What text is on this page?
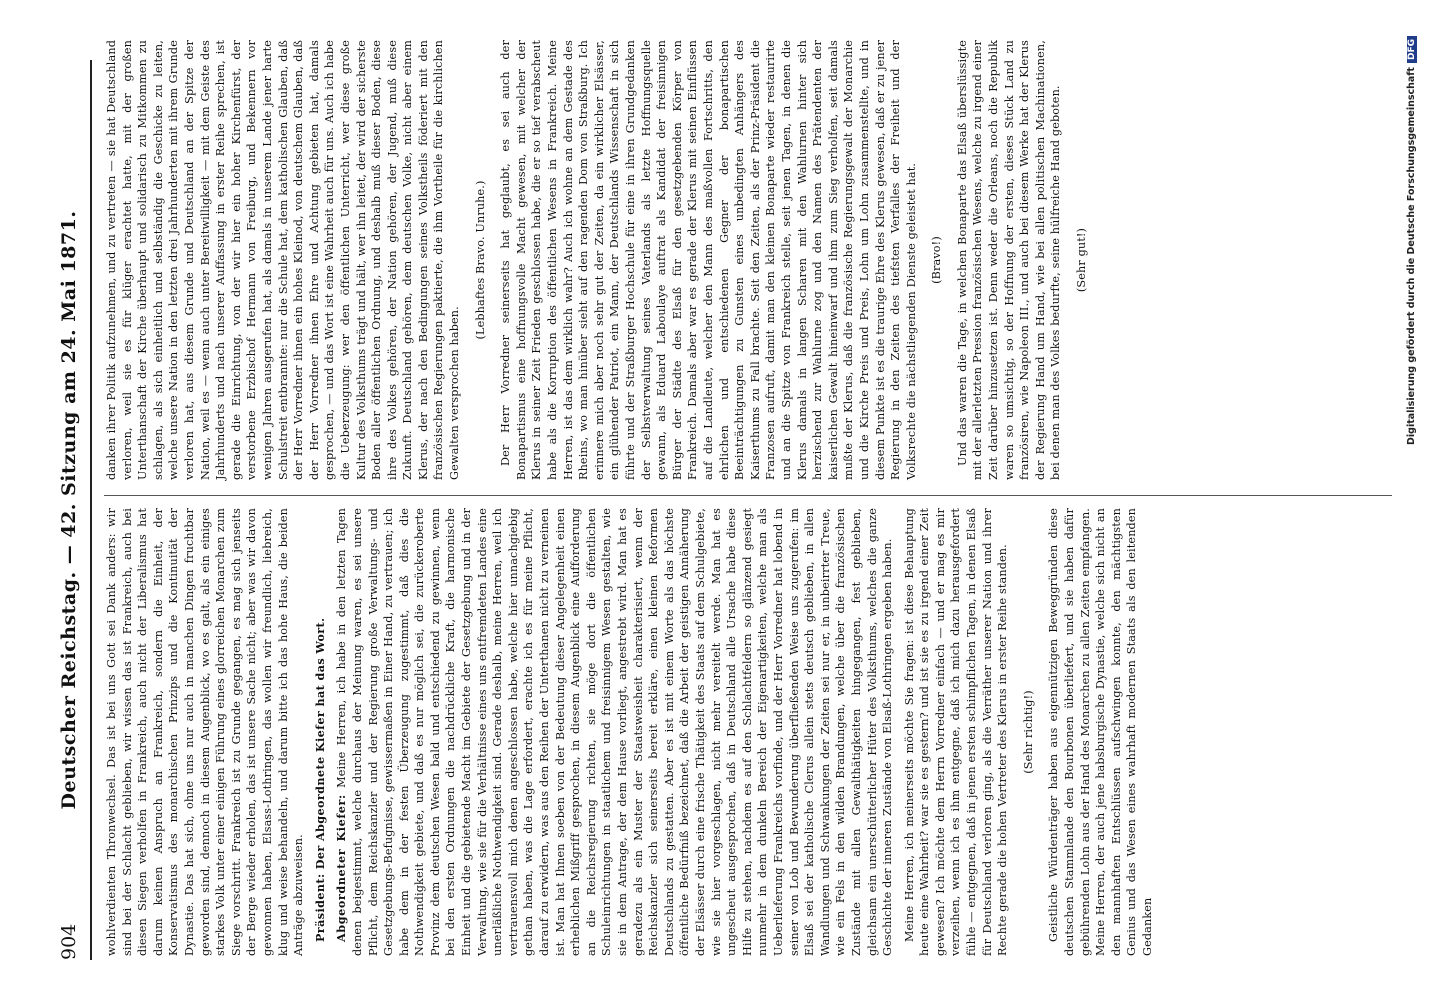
904
Deutscher Reichstag. — 42. Sitzung am 24. Mai 1871. wohlverdienten Thronwechsel. Das ist bei uns Gott sei Dank anders: wir sind bei der Schlacht geblieben, wir wissen das ist Frankreich, auch bei diesen Siegen verholfen in Frankreich, auch nicht der Liberalismus hat darum keinen Anspruch an Frankreich, sondern die Einheit, der Konservatismus des monarchischen Prinzips und die Kontinuität der Dynastie. Das hat sich, ohne uns nur auch in manchen Dingen fruchtbar geworden sind, dennoch in diesem Augenblick, wo es galt, als ein einiges starkes Volk unter einer einigen Führung eines glorreichen Monarchen zum Siege vorschritt. Frankreich ist zu Grunde gegangen, es mag sich jenseits der Berge wieder erholen, das ist unsere Sache nicht; aber was wir davon gewonnen haben, Elsass-Lothringen, das wollen wir freundlich, liebreich, klug und weise behandeln, und darum bitte ich das hohe Haus, die beiden Anträge abzuweisen. Präsident: Der Abgeordnete Kiefer hat das Wort. Abgeordneter Kiefer: Meine Herren, ich habe in den letzten Tagen denen beigestimmt, welche durchaus der Meinung waren, es sei unsere Pflicht, dem Reichskanzler und der Regierung große Verwaltungs- und Gesetzgebungs-Befugnisse, gewissermaßen in Einer Hand, zu vertrauen; ich habe dem in der festen Überzeugung zugestimmt, daß dies die Nothwendigkeit gebiete, und daß es nur möglich sei, die zurückeroberte Provinz dem deutschen Wesen bald und entschiedend zu gewinnen, wenn bei den ersten Ordnungen die nachdrückliche Kraft, die harmonische Einheit und die gebietende Macht im Gebiete der Gesetzgebung und in der Verwaltung, wie sie für die Verhältnisse eines uns entfremdeten Landes eine unerläßliche Nothwendigkeit sind. Gerade deshalb, meine Herren, weil ich vertrauensvoll mich denen angeschlossen habe, welche hier unnachgiebig gethan haben, was die Lage erfordert, erachte ich es für meine Pflicht, darauf zu erwidern, was aus den Reihen der Unterthanen nicht zu verneinen ist. Man hat Ihnen soeben von der Bedeutung dieser Angelegenheit einen erheblichen Mißgriff gesprochen, in diesem Augenblick eine Aufforderung an die Reichsregierung richten, sie möge dort die öffentlichen Schuleinrichtungen in staatlichem und freisinnigem Wesen gestalten, wie sie in dem Antrage, der dem Hause vorliegt, angestrebt wird. Man hat es geradezu als ein Muster der Staatsweisheit charakterisiert, wenn der Reichskanzler sich seinerseits bereit erkläre, einen kleinen Reformen Deutschlands zu gestatten. Aber es ist mit einem Worte als das höchste öffentliche Bedürfniß bezeichnet, daß die Arbeit der geistigen Annäherung der Elsässer durch eine frische Thätigkeit des Staats auf dem Schulgebiete, wie sie hier vorgeschlagen, nicht mehr vereitelt werde. Man hat es ungescheut ausgesprochen, daß in Deutschland alle Ursache habe diese Hilfe zu stehen, nachdem es auf den Schlachtfeldern so glänzend gesiegt nunmehr in dem dunkeln Bereich der Eigenartigkeiten, welche man als Ueberlieferung Frankreichs vorfinde, und der Herr Vorredner hat lobend in seiner von Lob und Bewunderung überfließenden Weise uns zugerufen: im Elsaß sei der katholische Clerus allein stets deutsch geblieben, in allen Wandlungen und Schwankungen der Zeiten sei nur er, in unbeirrter Treue, wie ein Fels in den wilden Brandungen, welche über die französischen Zustände mit allen Gewalthätigkeiten hingegangen, fest geblieben, gleichsam ein unerschütterlicher Hüter des Volksthums, welches die ganze Geschichte der inneren Zustände von Elsaß-Lothringen ergeben haben. Meine Herren, ich meinerseits möchte Sie fragen: ist diese Behauptung heute eine Wahrheit? war sie es gestern? und ist sie es zu irgend einer Zeit gewesen? Ich möchte dem Herrn Vorredner einfach — und er mag es mir verzeihen, wenn ich es ihm entgegne, daß ich mich dazu herausgefordert fühle — entgegnen, daß in jenen ersten schimpflichen Tagen, in denen Elsaß für Deutschland verloren ging, als die Verräther unserer Nation und ihrer Rechte gerade die hohen Vertreter des Klerus in erster Reihe standen. (Sehr richtig!) Geistliche Würdenträger haben aus eigennützigen Beweggründen diese deutschen Stammlande den Bourbonen überliefert, und sie haben dafür gebührenden Lohn aus der Hand des Monarchen zu allen Zeiten empfangen. Meine Herren, der auch jene habsburgische Dynastie, welche sich nicht an den mannhaften Entschlüssen aufschwingen konnte, den mächtigsten Genius und das Wesen eines wahrhaft modernen Staats als den leitenden Gedanken

danken ihrer Politik aufzunehmen, und zu vertreten — sie hat Deutschland verloren, weil sie es für klüger erachtet hatte, mit der großen Unterthanschaft der Kirche überhaupt und solidarisch zu Mitkommen zu schlagen, als sich einheitlich und selbständig die Geschicke zu leiten, welche unsere Nation in den letzten drei Jahrhunderten mit ihrem Grunde verloren hat, aus diesem Grunde und Deutschland an der Spitze der Nation, weil es — wenn auch unter Bereitwilligkeit — mit dem Geiste des Jahrhunderts und nach unserer Auffassung in erster Reihe sprechen, ist gerade die Einrichtung, von der wir hier ein hoher Kirchenfürst, der verstorbene Erzbischof Hermann von Freiburg, und Bekennern vor wenigen Jahren ausgerufen hat, als damals in unserem Lande jener harte Schulstreit entbrannte: nur die Schule hat, dem katholischen Glauben, daß der Herr Vorredner ihnen ein hohes Kleinod, von deutschem Glauben, daß der Herr Vorredner ihnen Ehre und Achtung gebieten hat, damals gesprochen, — und das Wort ist eine Wahrheit auch für uns. Auch ich habe die Ueberzeugung: wer den öffentlichen Unterricht, wer diese große Kultur des Volksthums trägt und hält, wer ihn leitet, der wird der sicherste Boden aller öffentlichen Ordnung, und deshalb muß dieser Boden, diese ihre des Volkes gehören, der Nation gehören, der Jugend, muß diese Zukunft. Deutschland gehören, dem deutschen Volke, nicht aber einem Klerus, der nach den Bedingungen seines Volkstheils föderiert mit den französischen Regierungen paktierte, die ihm Vortheile für die kirchlichen Gewalten versprochen haben.

(Lebhaftes Bravo. Unruhe.) Der Herr Vorredner seinerseits hat geglaubt, es sei auch der Bonapartismus eine hoffnungsvolle Macht gewesen, mit welcher der Klerus in seiner Zeit Frieden geschlossen habe, die er so tief verabscheut habe als die Korruption des öffentlichen Wesens in Frankreich. Meine Herren, ist das dem wirklich wahr? Auch ich wohne an dem Gestade des Rheins, wo man hinüber sieht auf den ragenden Dom von Straßburg. Ich erinnere mich aber noch sehr gut der Zeiten, da ein wirklicher Elsässer, ein glühender Patriot, ein Mann, der Deutschlands Wissenschaft in sich führte und der Straßburger Hochschule für eine in ihren Grundgedanken der Selbstverwaltung seines Vaterlands als letzte Hoffnungsquelle gewann, als Eduard Laboulaye auftrat als Kandidat der freisinnigen Bürger der Städte des Elsaß für den gesetzgebenden Körper von Frankreich. Damals aber war es gerade der Klerus mit seinen Einflüssen auf die Landleute, welcher den Mann des maßvollen Fortschritts, den ehrlichen und entschiedenen Gegner der bonapartischen Beeinträchtigungen zu Gunsten eines unbedingten Anhängers des Kaiserthums zu Fall brachte. Seit den Zeiten, als der Prinz-Präsident die Franzosen aufruft, damit man den kleinen Bonaparte wieder restaurirte und an die Spitze von Frankreich stelle, seit jenen Tagen, in denen die Klerus damals in langen Scharen mit den Wahlurnen hinter sich herzischend zur Wahlurne zog und den Namen des Prätendenten der kaiserlichen Gewalt hineinwarf und ihm zum Sieg verholfen, seit damals mußte der Klerus, daß die französische Regierungsgewalt der Monarchie und die Kirche Preis und Preis, Lohn um Lohn zusammenstellte, und in diesem Punkte ist es die traurige Ehre des Klerus gewesen, daß er zu jener Regierung in den Zeiten des tiefsten Verfalles der Freiheit und der Volksrechte die nächstliegenden Dienste geleistet hat. (Bravo!) Und das waren die Tage, in welchen Bonaparte das Elsaß überslüssigte mit der allerletzten Pression französischen Wesens, welche zu irgend einer Zeit darüber hinzusetzen ist. Denn weder die Orleans, noch die Republik waren so umsichtig, so der Hoffnung der ersten, dieses Stück Land zu französiren, wie Napoleon III., und auch bei diesem Werke hat der Klerus der Regierung Hand um Hand, wie bei allen politischen Machinationen, bei denen man des Volkes bedurfte, seine hülfreiche Hand geboten. (Sehr gut!)	Digitalisierung gefördert durch die Deutsche ForschungsgemeinschaftDFG
